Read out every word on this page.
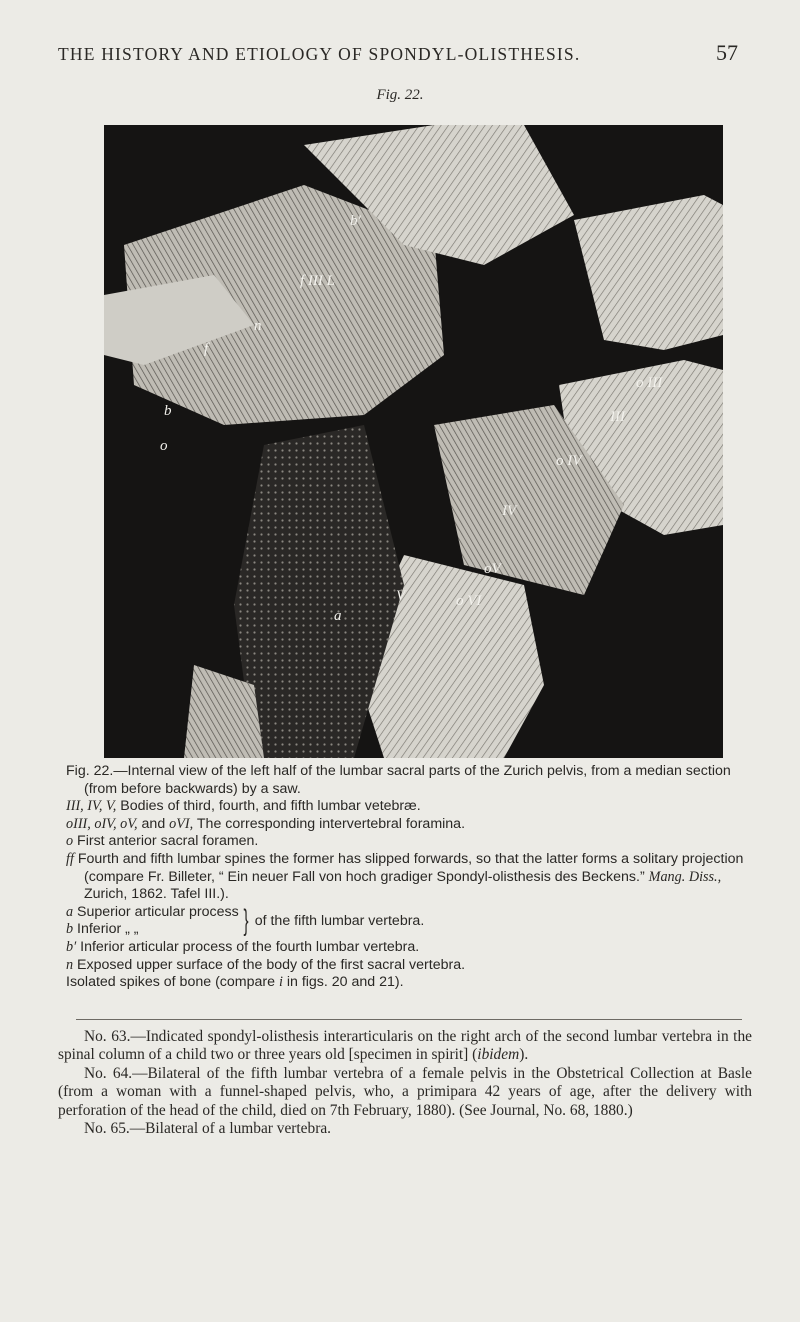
THE HISTORY AND ETIOLOGY OF SPONDYL-OLISTHESIS.	57
Fig. 22.
b′
f III L
n
f
b
o
o III
III
o IV
IV
oV
o VI
V
a

Fig. 22.—Internal view of the left half of the lumbar sacral parts of the Zurich pelvis, from a median section (from before backwards) by a saw.

III, IV, V, Bodies of third, fourth, and fifth lumbar vetebræ.

oIII, oIV, oV, and oVI, The corresponding intervertebral foramina.

o First anterior sacral foramen.

ff Fourth and fifth lumbar spines the former has slipped forwards, so that the latter forms a solitary projection (compare Fr. Billeter, “ Ein neuer Fall von hoch gradiger Spondyl-olisthesis des Beckens.” Mang. Diss., Zurich, 1862. Tafel III.).

a Superior articular process
b Inferior „ „	} of the fifth lumbar vertebra.

b′ Inferior articular process of the fourth lumbar vertebra.

n Exposed upper surface of the body of the first sacral vertebra.

Isolated spikes of bone (compare i in figs. 20 and 21).

No. 63.—Indicated spondyl-olisthesis interarticularis on the right arch of the second lumbar vertebra in the spinal column of a child two or three years old [specimen in spirit] (ibidem).

No. 64.—Bilateral of the fifth lumbar vertebra of a female pelvis in the Obstetrical Collection at Basle (from a woman with a funnel-shaped pelvis, who, a primipara 42 years of age, after the delivery with perforation of the head of the child, died on 7th February, 1880). (See Journal, No. 68, 1880.)

No. 65.—Bilateral of a lumbar vertebra.
